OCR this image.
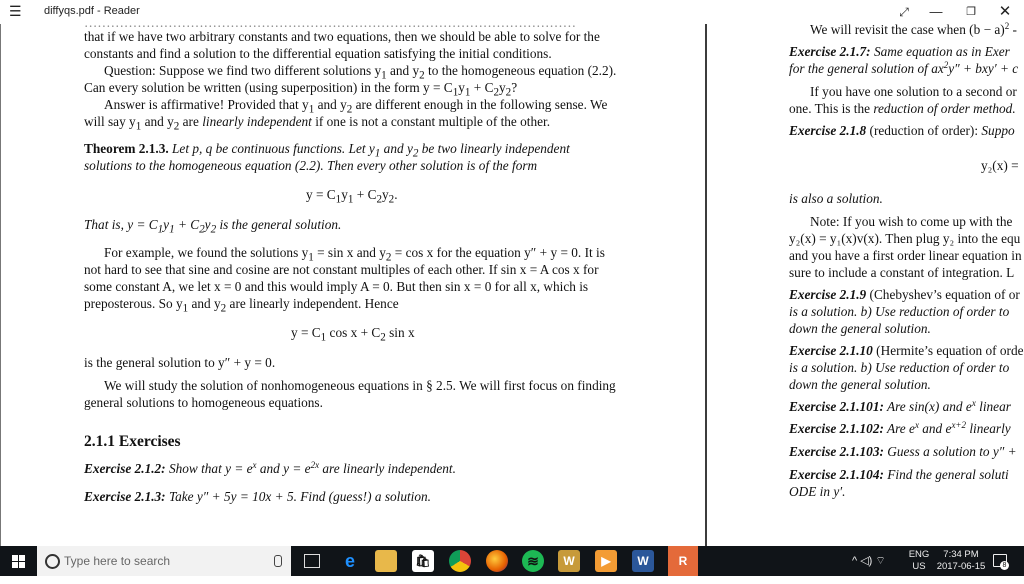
☰ diffyqs.pdf - Reader	⤢	—	❐	✕
…………………………………………………………………………………………………
that if we have two arbitrary constants and two equations, then we should be able to solve for the
constants and find a solution to the differential equation satisfying the initial conditions.
Question: Suppose we find two different solutions $y_1$ and $y_2$ to the homogeneous equation (2.2).
Can every solution be written (using superposition) in the form $y = C_1y_1 + C_2y_2$?
Answer is affirmative! Provided that $y_1$ and $y_2$ are different enough in the following sense. We
will say $y_1$ and $y_2$ are linearly independent if one is not a constant multiple of the other.
Theorem 2.1.3. Let p, q be continuous functions. Let $y_1$ and $y_2$ be two linearly independent
solutions to the homogeneous equation (2.2). Then every other solution is of the form
$y = C_1y_1 + C_2y_2$.
That is, $y = C_1y_1 + C_2y_2$ is the general solution.
For example, we found the solutions $y_1 = \sin x$ and $y_2 = \cos x$ for the equation y″ + y = 0. It is
not hard to see that sine and cosine are not constant multiples of each other. If sin x = A cos x for
some constant A, we let x = 0 and this would imply A = 0. But then sin x = 0 for all x, which is
preposterous. So $y_1$ and $y_2$ are linearly independent. Hence
$y = C_1$ $\cos x + C_2$ sin x
is the general solution to y″ + y = 0.
We will study the solution of nonhomogeneous equations in § 2.5. We will first focus on finding
general solutions to homogeneous equations.
2.1.1 Exercises
Exercise 2.1.2: Show that $y = e^x$ and $y = e^{2x}$ are linearly independent.
Exercise 2.1.3: Take y″ + 5y = 10x + 5. Find (guess!) a solution.
We will revisit the case when $(b - a)^2$ -
Exercise 2.1.7: Same equation as in Exer
for the general solution of $ax^2y'' + bxy' + c$
If you have one solution to a second or
one. This is the reduction of order method.
Exercise 2.1.8 (reduction of order): Suppo
y₂(x) =
is also a solution.
Note: If you wish to come up with the
y₂(x) = y₁(x)v(x). Then plug y₂ into the equ
and you have a first order linear equation in
sure to include a constant of integration. L
Exercise 2.1.9 (Chebyshev’s equation of or
is a solution. b) Use reduction of order to
down the general solution.
Exercise 2.1.10 (Hermite’s equation of orde
is a solution. b) Use reduction of order to
down the general solution.
Exercise 2.1.101: Are sin(x) and $e^x$ linear
Exercise 2.1.102: Are $e^x$ and $e^{x+2}$ linearly
Exercise 2.1.103: Guess a solution to y″ +
Exercise 2.1.104: Find the general soluti
ODE in y′.
Type here to search	e	🛍	≋	W	▶	W	R	^ ◁) ⌔
ENG
US
7:34 PM
2017-06-15	8
